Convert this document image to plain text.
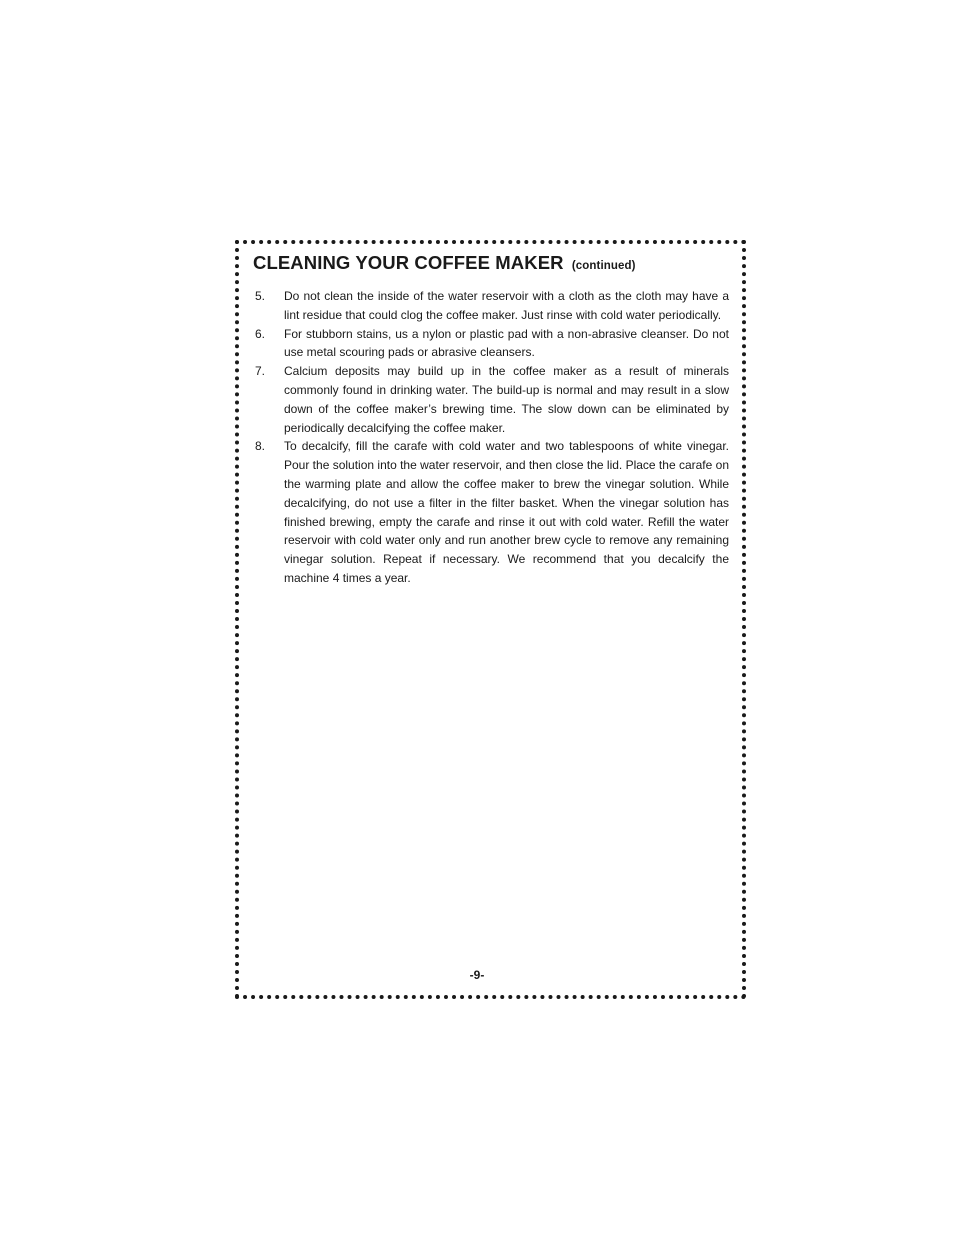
CLEANING YOUR COFFEE MAKER (continued)
5.	Do not clean the inside of the water reservoir with a cloth as the cloth may have a lint residue that could clog the coffee maker. Just rinse with cold water periodically.
6.	For stubborn stains, us a nylon or plastic pad with a non-abrasive cleanser. Do not use metal scouring pads or abrasive cleansers.
7.	Calcium deposits may build up in the coffee maker as a result of minerals commonly found in drinking water. The build-up is normal and may result in a slow down of the coffee maker’s brewing time. The slow down can be eliminated by periodically decalcifying the coffee maker.
8.	To decalcify, fill the carafe with cold water and two tablespoons of white vinegar. Pour the solution into the water reservoir, and then close the lid. Place the carafe on the warming plate and allow the coffee maker to brew the vinegar solution. While decalcifying, do not use a filter in the filter basket. When the vinegar solution has finished brewing, empty the carafe and rinse it out with cold water. Refill the water reservoir with cold water only and run another brew cycle to remove any remaining vinegar solution. Repeat if necessary. We recommend that you decalcify the machine 4 times a year.
-9-
